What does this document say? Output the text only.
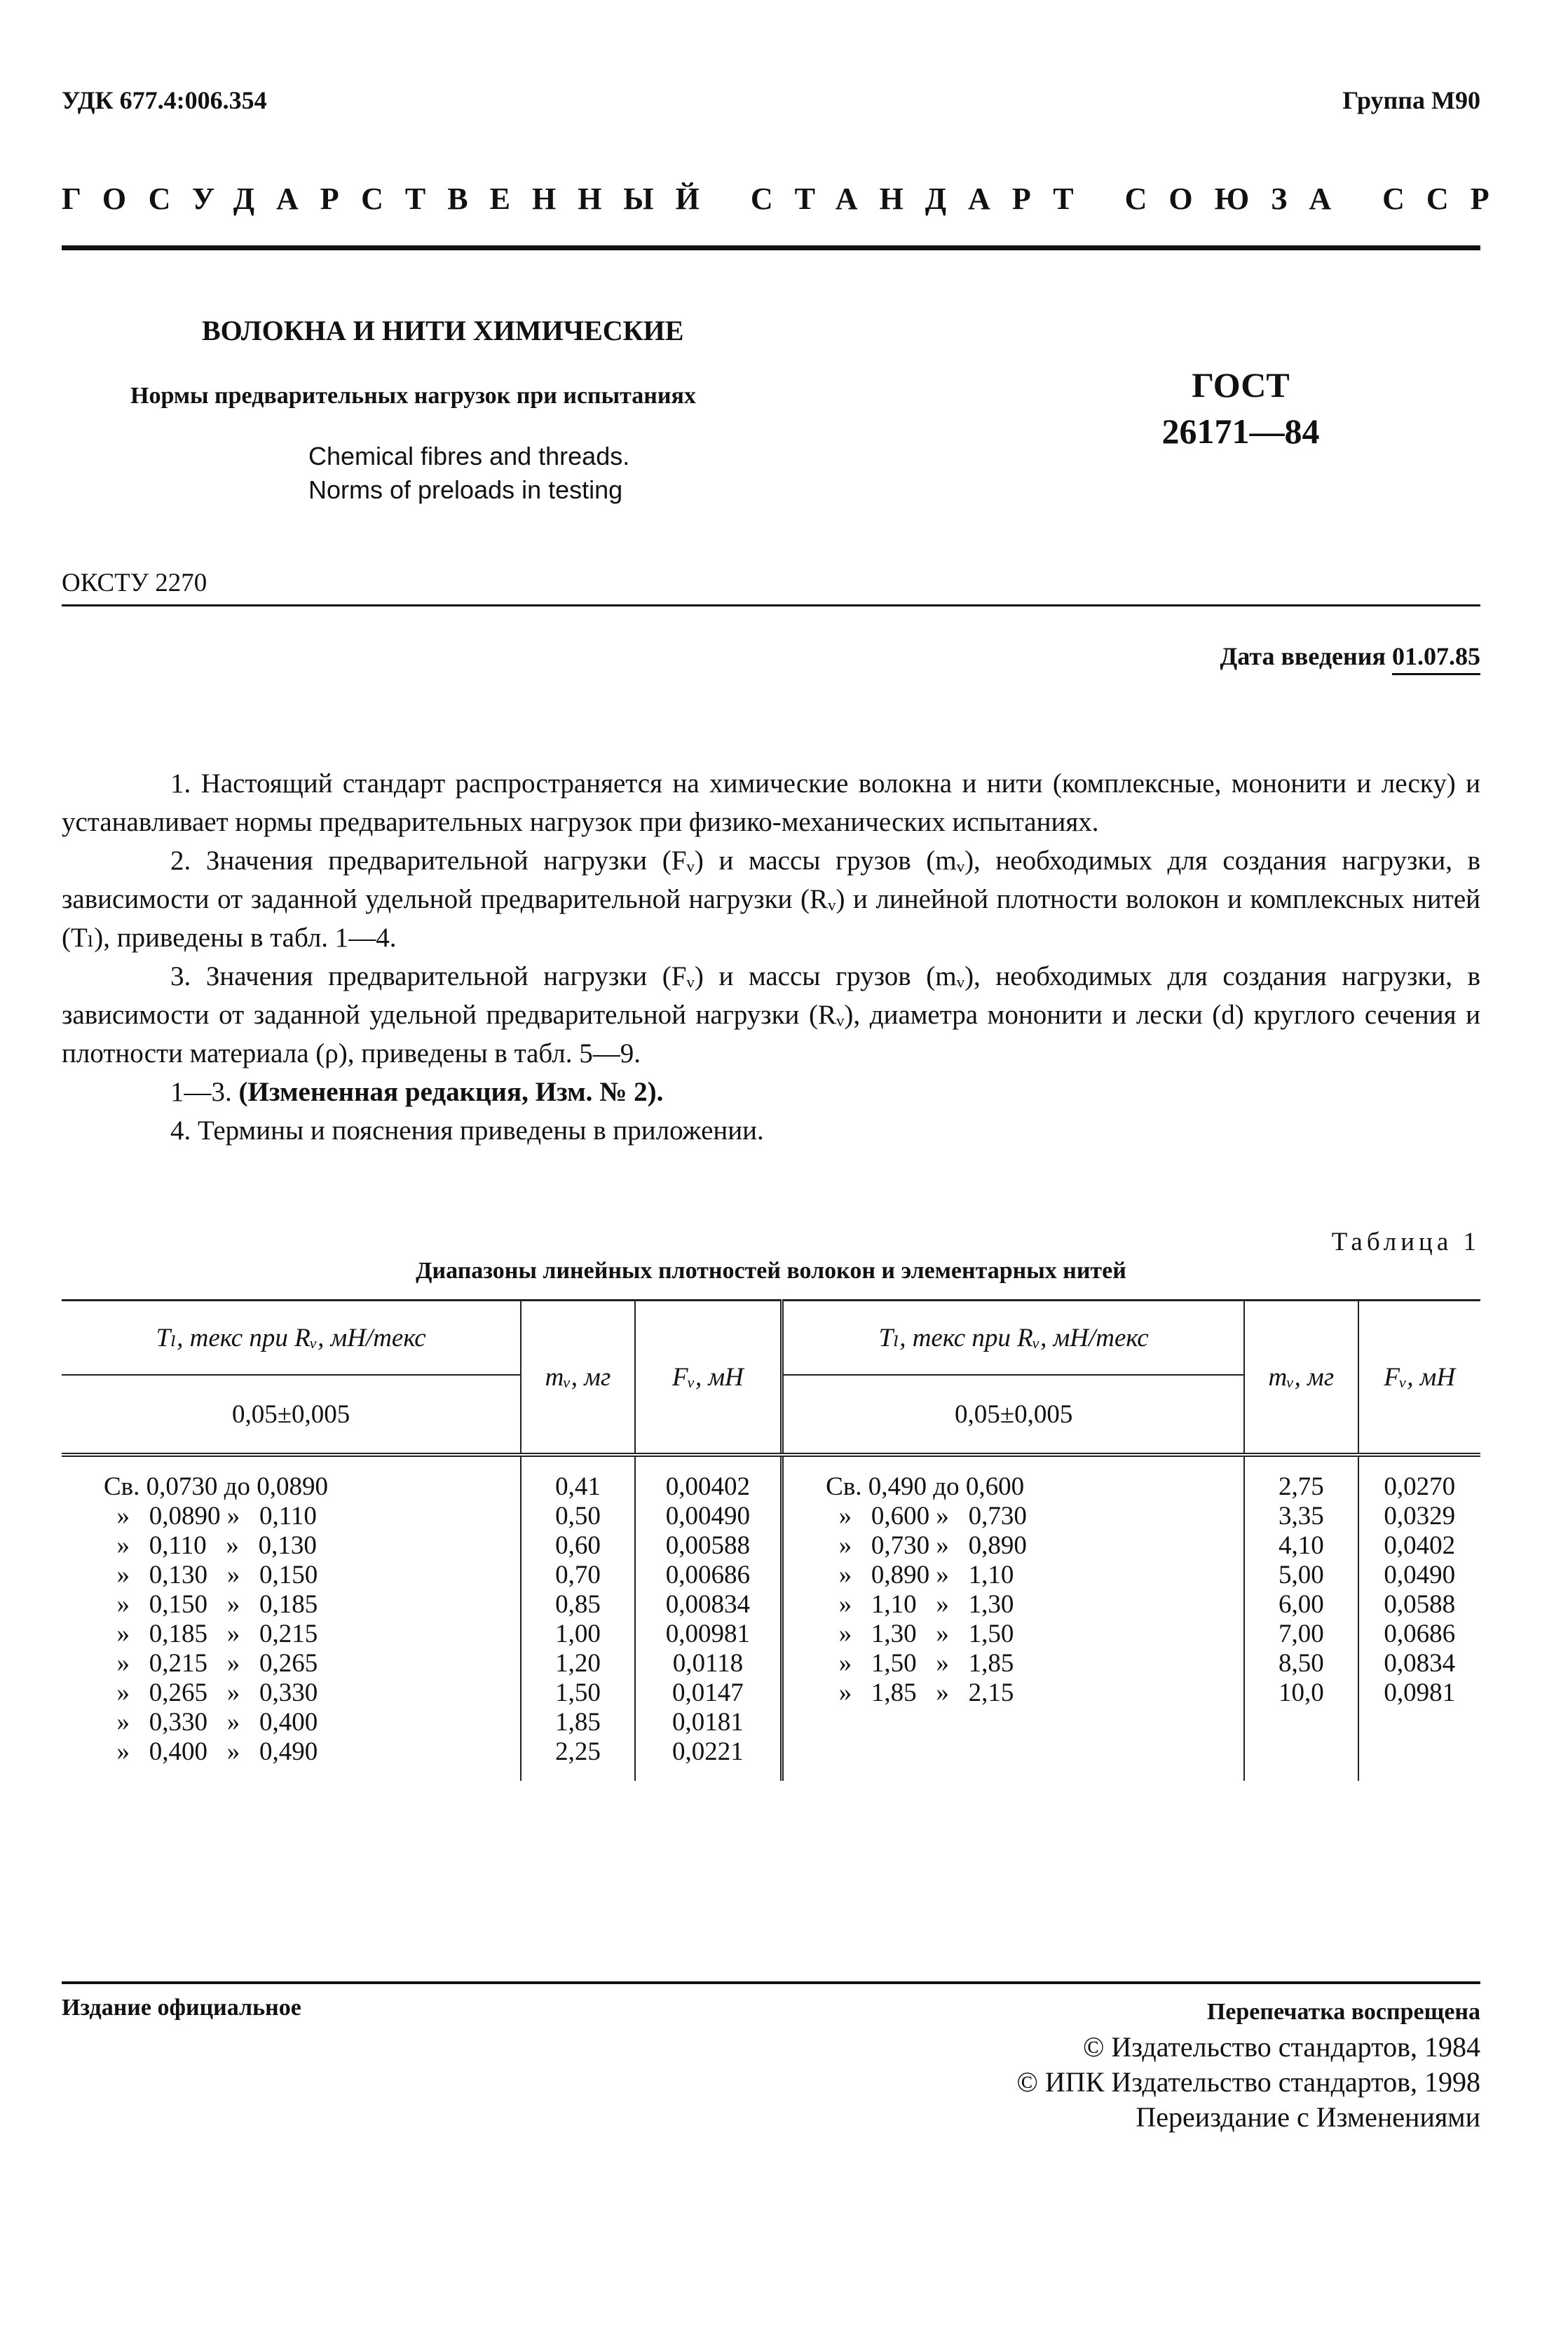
УДК 677.4:006.354	Группа М90
ГОСУДАРСТВЕННЫЙ СТАНДАРТ СОЮЗА ССР
ВОЛОКНА И НИТИ ХИМИЧЕСКИЕ
Нормы предварительных нагрузок при испытаниях
Chemical fibres and threads.
Norms of preloads in testing
ГОСТ
26171—84
ОКСТУ 2270
Дата введения 01.07.85

1. Настоящий стандарт распространяется на химические волокна и нити (комплексные, мононити и леску) и устанавливает нормы предварительных нагрузок при физико-механических испытаниях.

2. Значения предварительной нагрузки (Fᵥ) и массы грузов (mᵥ), необходимых для создания нагрузки, в зависимости от заданной удельной предварительной нагрузки (Rᵥ) и линейной плотности волокон и комплексных нитей (Tₗ), приведены в табл. 1—4.

3. Значения предварительной нагрузки (Fᵥ) и массы грузов (mᵥ), необходимых для создания нагрузки, в зависимости от заданной удельной предварительной нагрузки (Rᵥ), диаметра мононити и лески (d) круглого сечения и плотности материала (ρ), приведены в табл. 5—9.

1—3. (Измененная редакция, Изм. № 2).

4. Термины и пояснения приведены в приложении.

Таблица 1
Диапазоны линейных плотностей волокон и элементарных нитей
Tₗ, текс при Rᵥ, мН/текс	mᵥ, мг	Fᵥ, мН	Tₗ, текс при Rᵥ, мН/текс	mᵥ, мг	Fᵥ, мН
0,05±0,005			0,05±0,005		
Св. 0,0730 до 0,0890	0,41	0,00402	Св. 0,490 до 0,600	2,75	0,0270
»   0,0890 »   0,110	0,50	0,00490	»   0,600 »   0,730	3,35	0,0329
»   0,110   »   0,130	0,60	0,00588	»   0,730 »   0,890	4,10	0,0402
»   0,130   »   0,150	0,70	0,00686	»   0,890 »   1,10	5,00	0,0490
»   0,150   »   0,185	0,85	0,00834	»   1,10   »   1,30	6,00	0,0588
»   0,185   »   0,215	1,00	0,00981	»   1,30   »   1,50	7,00	0,0686
»   0,215   »   0,265	1,20	0,0118	»   1,50   »   1,85	8,50	0,0834
»   0,265   »   0,330	1,50	0,0147	»   1,85   »   2,15	10,0	0,0981
»   0,330   »   0,400	1,85	0,0181			
»   0,400   »   0,490	2,25	0,0221			
Издание официальное	Перепечатка воспрещена
© Издательство стандартов, 1984
© ИПК Издательство стандартов, 1998
Переиздание с Изменениями
